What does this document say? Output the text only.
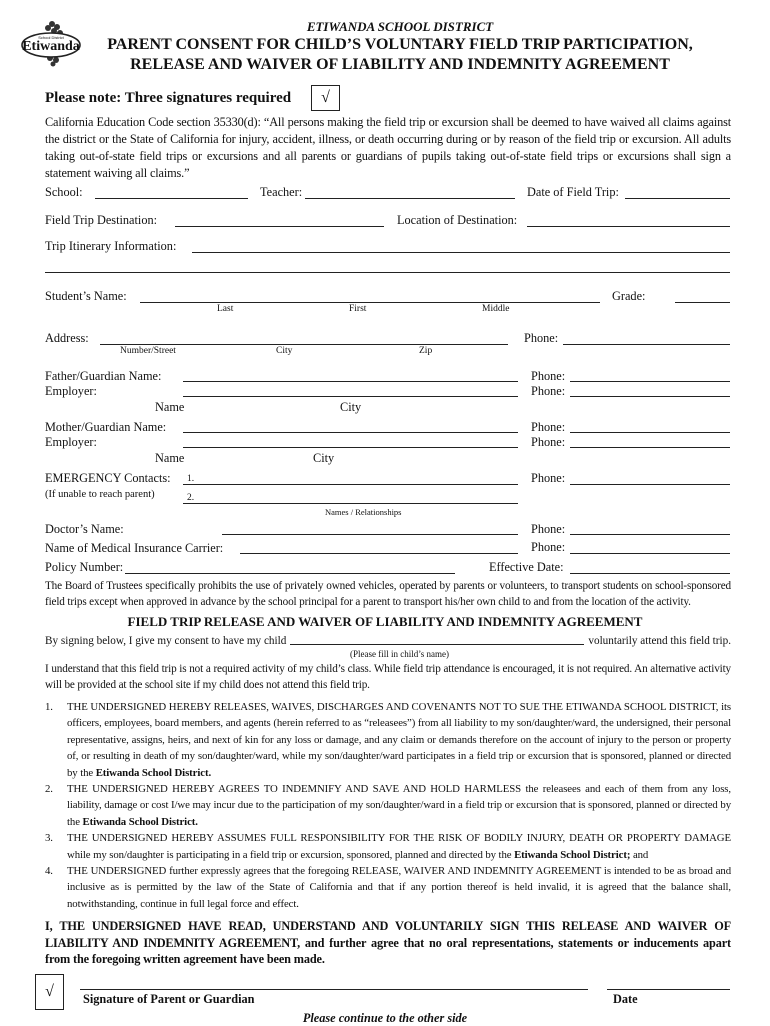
Etiwanda
School District
ETIWANDA SCHOOL DISTRICT
PARENT CONSENT FOR CHILD’S VOLUNTARY FIELD TRIP PARTICIPATION,
RELEASE AND WAIVER OF LIABILITY AND INDEMNITY AGREEMENT
Please note: Three signatures required	√
California Education Code section 35330(d): “All persons making the field trip or excursion shall be deemed to have waived all claims against the district or the State of California for injury, accident, illness, or death occurring during or by reason of the field trip or excursion. All adults taking out-of-state field trips or excursions and all parents or guardians of pupils taking out-of-state field trips or excursions shall sign a statement waiving all claims.”
School:	Teacher:	Date of Field Trip:
Field Trip Destination:	Location of Destination:
Trip Itinerary Information:
Student’s Name:	Grade:
Last	First	Middle
Address:	Phone:
Number/Street	City	Zip
Father/Guardian Name:	Phone:
Employer:	Phone:
Name	City
Mother/Guardian Name:	Phone:
Employer:	Phone:
Name	City
EMERGENCY Contacts: 1.	Phone:
(If unable to reach parent)	2.
Names / Relationships
Doctor’s Name:	Phone:
Name of Medical Insurance Carrier:	Phone:
Policy Number:	Effective Date:
The Board of Trustees specifically prohibits the use of privately owned vehicles, operated by parents or volunteers, to transport students on school-sponsored field trips except when approved in advance by the school principal for a parent to transport his/her own child to and from the location of the activity.
FIELD TRIP RELEASE AND WAIVER OF LIABILITY AND INDEMNITY AGREEMENT
By signing below, I give my consent to have my child	voluntarily attend this field trip.
(Please fill in child’s name)
I understand that this field trip is not a required activity of my child’s class. While field trip attendance is encouraged, it is not required. An alternative activity will be provided at the school site if my child does not attend this field trip.
1. THE UNDERSIGNED HEREBY RELEASES, WAIVES, DISCHARGES AND COVENANTS NOT TO SUE THE ETIWANDA SCHOOL DISTRICT, its officers, employees, board members, and agents (herein referred to as “releasees”) from all liability to my son/daughter/ward, the undersigned, their personal representative, assigns, heirs, and next of kin for any loss or damage, and any claim or demands therefore on the account of injury to the person or property of, or resulting in death of my son/daughter/ward, while my son/daughter/ward participates in a field trip or excursion that is sponsored, planned or directed by the Etiwanda School District.
2. THE UNDERSIGNED HEREBY AGREES TO INDEMNIFY AND SAVE AND HOLD HARMLESS the releasees and each of them from any loss, liability, damage or cost I/we may incur due to the participation of my son/daughter/ward in a field trip or excursion that is sponsored, planned or directed by the Etiwanda School District.
3. THE UNDERSIGNED HEREBY ASSUMES FULL RESPONSIBILITY FOR THE RISK OF BODILY INJURY, DEATH OR PROPERTY DAMAGE while my son/daughter is participating in a field trip or excursion, sponsored, planned and directed by the Etiwanda School District; and
4. THE UNDERSIGNED further expressly agrees that the foregoing RELEASE, WAIVER AND INDEMNITY AGREEMENT is intended to be as broad and inclusive as is permitted by the law of the State of California and that if any portion thereof is held invalid, it is agreed that the balance shall, notwithstanding, continue in full legal force and effect.
I, THE UNDERSIGNED HAVE READ, UNDERSTAND AND VOLUNTARILY SIGN THIS RELEASE AND WAIVER OF LIABILITY AND INDEMNITY AGREEMENT, and further agree that no oral representations, statements or inducements apart from the foregoing written agreement have been made.
√	Signature of Parent or Guardian	Date
Please continue to the other side
